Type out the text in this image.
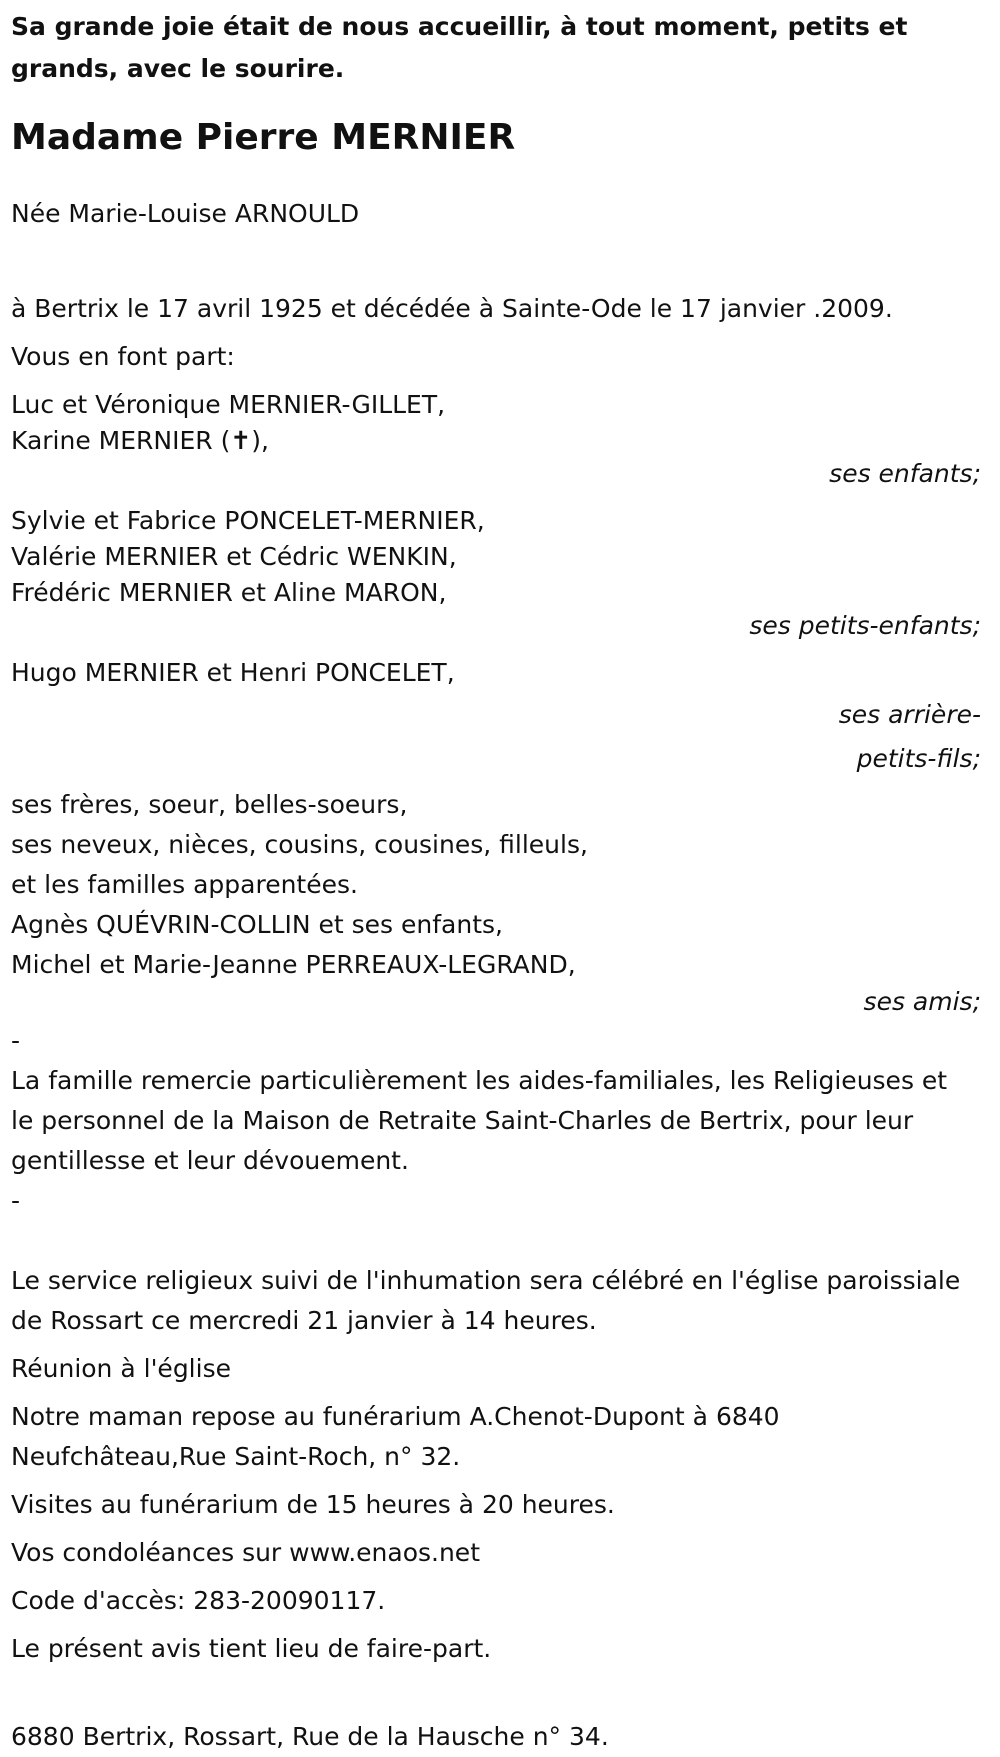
Sa grande joie était de nous accueillir, à tout moment, petits et grands, avec le sourire.
Madame Pierre MERNIER
Née Marie-Louise ARNOULD
à Bertrix le 17 avril 1925 et décédée à Sainte-Ode le 17 janvier .2009.
Vous en font part:
Luc et Véronique MERNIER-GILLET,
Karine MERNIER (✝),
ses enfants;
Sylvie et Fabrice PONCELET-MERNIER,
Valérie MERNIER et Cédric WENKIN,
Frédéric MERNIER et Aline MARON,
ses petits-enfants;
Hugo MERNIER et Henri PONCELET,
ses arrière-
petits-fils;
ses frères, soeur, belles-soeurs,
ses neveux, nièces, cousins, cousines, filleuls,
et les familles apparentées.
Agnès QUÉVRIN-COLLIN et ses enfants,
Michel et Marie-Jeanne PERREAUX-LEGRAND,
ses amis;
-
La famille remercie particulièrement les aides-familiales, les Religieuses et le personnel de la Maison de Retraite Saint-Charles de Bertrix, pour leur gentillesse et leur dévouement.
-
Le service religieux suivi de l'inhumation sera célébré en l'église paroissiale de Rossart ce mercredi 21 janvier à 14 heures.
Réunion à l'église
Notre maman repose au funérarium A.Chenot-Dupont à 6840 Neufchâteau,Rue Saint-Roch, n° 32.
Visites au funérarium de 15 heures à 20 heures.
Vos condoléances sur www.enaos.net
Code d'accès: 283-20090117.
Le présent avis tient lieu de faire-part.
6880 Bertrix, Rossart, Rue de la Hausche n° 34.
